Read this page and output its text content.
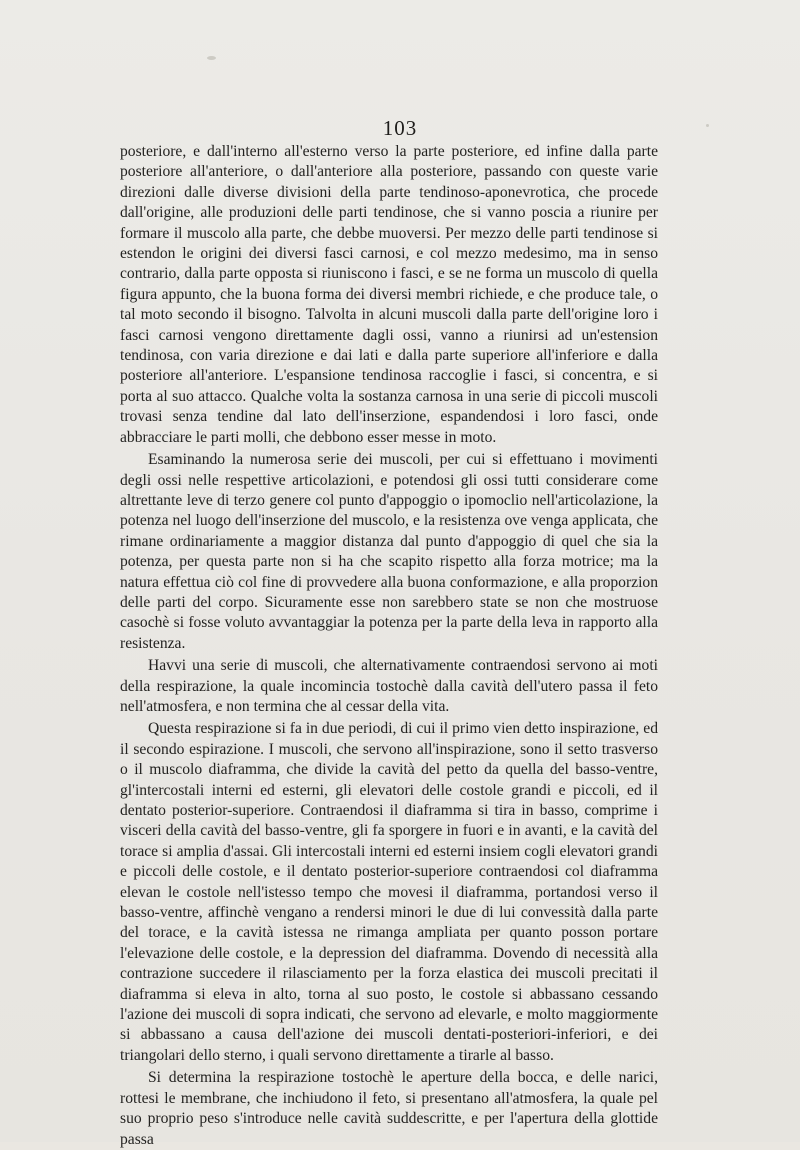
103

posteriore, e dall'interno all'esterno verso la parte posteriore, ed infine dalla parte posteriore all'anteriore, o dall'anteriore alla posteriore, passando con queste varie direzioni dalle diverse divisioni della parte tendinoso-aponevrotica, che procede dall'origine, alle produzioni delle parti tendinose, che si vanno poscia a riunire per formare il muscolo alla parte, che debbe muoversi. Per mezzo delle parti tendinose si estendon le origini dei diversi fasci carnosi, e col mezzo medesimo, ma in senso contrario, dalla parte opposta si riuniscono i fasci, e se ne forma un muscolo di quella figura appunto, che la buona forma dei diversi membri richiede, e che produce tale, o tal moto secondo il bisogno. Talvolta in alcuni muscoli dalla parte dell'origine loro i fasci carnosi vengono direttamente dagli ossi, vanno a riunirsi ad un'estension tendinosa, con varia direzione e dai lati e dalla parte superiore all'inferiore e dalla posteriore all'anteriore. L'espansione tendinosa raccoglie i fasci, si concentra, e si porta al suo attacco. Qualche volta la sostanza carnosa in una serie di piccoli muscoli trovasi senza tendine dal lato dell'inserzione, espandendosi i loro fasci, onde abbracciare le parti molli, che debbono esser messe in moto.

Esaminando la numerosa serie dei muscoli, per cui si effettuano i movimenti degli ossi nelle respettive articolazioni, e potendosi gli ossi tutti considerare come altrettante leve di terzo genere col punto d'appoggio o ipomoclio nell'articolazione, la potenza nel luogo dell'inserzione del muscolo, e la resistenza ove venga applicata, che rimane ordinariamente a maggior distanza dal punto d'appoggio di quel che sia la potenza, per questa parte non si ha che scapito rispetto alla forza motrice; ma la natura effettua ciò col fine di provvedere alla buona conformazione, e alla proporzion delle parti del corpo. Sicuramente esse non sarebbero state se non che mostruose casochè si fosse voluto avvantaggiar la potenza per la parte della leva in rapporto alla resistenza.

Havvi una serie di muscoli, che alternativamente contraendosi servono ai moti della respirazione, la quale incomincia tostochè dalla cavità dell'utero passa il feto nell'atmosfera, e non termina che al cessar della vita.

Questa respirazione si fa in due periodi, di cui il primo vien detto inspirazione, ed il secondo espirazione. I muscoli, che servono all'inspirazione, sono il setto trasverso o il muscolo diaframma, che divide la cavità del petto da quella del basso-ventre, gl'intercostali interni ed esterni, gli elevatori delle costole grandi e piccoli, ed il dentato posterior-superiore. Contraendosi il diaframma si tira in basso, comprime i visceri della cavità del basso-ventre, gli fa sporgere in fuori e in avanti, e la cavità del torace si amplia d'assai. Gli intercostali interni ed esterni insiem cogli elevatori grandi e piccoli delle costole, e il dentato posterior-superiore contraendosi col diaframma elevan le costole nell'istesso tempo che movesi il diaframma, portandosi verso il basso-ventre, affinchè vengano a rendersi minori le due di lui convessità dalla parte del torace, e la cavità istessa ne rimanga ampliata per quanto posson portare l'elevazione delle costole, e la depression del diaframma. Dovendo di necessità alla contrazione succedere il rilasciamento per la forza elastica dei muscoli precitati il diaframma si eleva in alto, torna al suo posto, le costole si abbassano cessando l'azione dei muscoli di sopra indicati, che servono ad elevarle, e molto maggiormente si abbassano a causa dell'azione dei muscoli dentati-posteriori-inferiori, e dei triangolari dello sterno, i quali servono direttamente a tirarle al basso.

Si determina la respirazione tostochè le aperture della bocca, e delle narici, rottesi le membrane, che inchiudono il feto, si presentano all'atmosfera, la quale pel suo proprio peso s'introduce nelle cavità suddescritte, e per l'apertura della glottide passa
